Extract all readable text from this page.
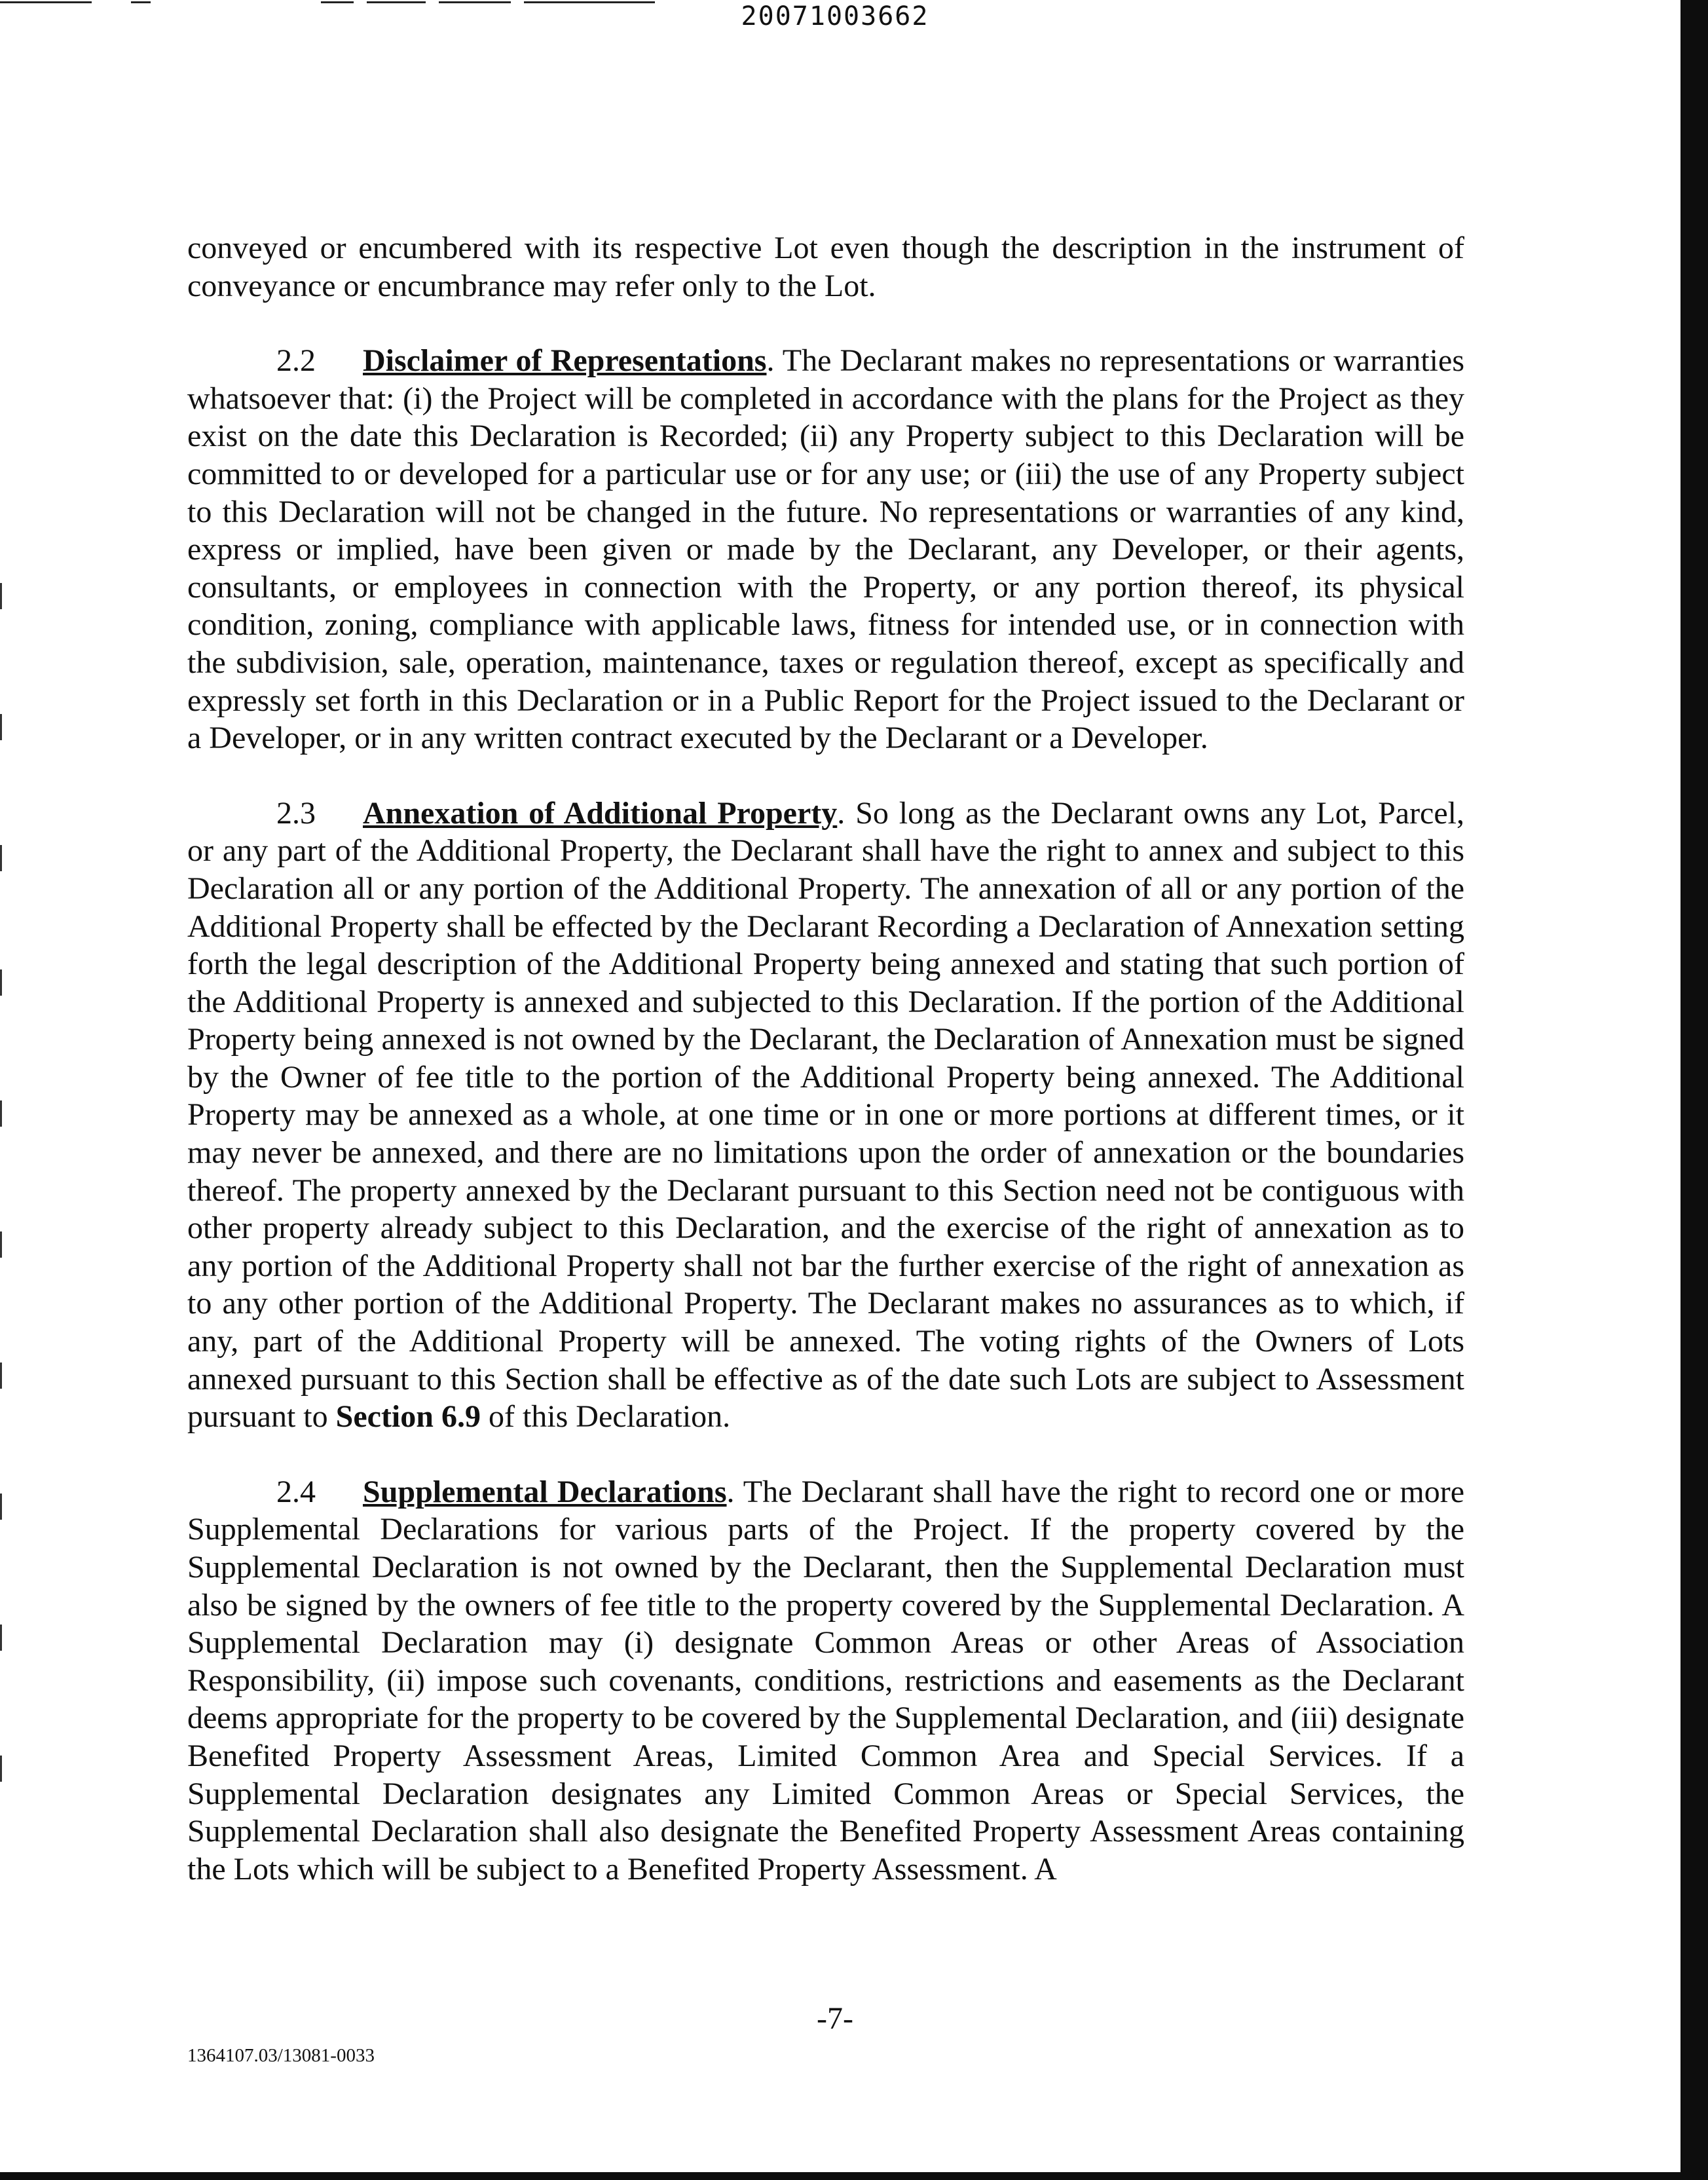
20071003662

conveyed or encumbered with its respective Lot even though the description in the instrument of conveyance or encumbrance may refer only to the Lot.

2.2 Disclaimer of Representations. The Declarant makes no representations or warranties whatsoever that: (i) the Project will be completed in accordance with the plans for the Project as they exist on the date this Declaration is Recorded; (ii) any Property subject to this Declaration will be committed to or developed for a particular use or for any use; or (iii) the use of any Property subject to this Declaration will not be changed in the future. No representations or warranties of any kind, express or implied, have been given or made by the Declarant, any Developer, or their agents, consultants, or employees in connection with the Property, or any portion thereof, its physical condition, zoning, compliance with applicable laws, fitness for intended use, or in connection with the subdivision, sale, operation, maintenance, taxes or regulation thereof, except as specifically and expressly set forth in this Declaration or in a Public Report for the Project issued to the Declarant or a Developer, or in any written contract executed by the Declarant or a Developer.

2.3 Annexation of Additional Property. So long as the Declarant owns any Lot, Parcel, or any part of the Additional Property, the Declarant shall have the right to annex and subject to this Declaration all or any portion of the Additional Property. The annexation of all or any portion of the Additional Property shall be effected by the Declarant Recording a Declaration of Annexation setting forth the legal description of the Additional Property being annexed and stating that such portion of the Additional Property is annexed and subjected to this Declaration. If the portion of the Additional Property being annexed is not owned by the Declarant, the Declaration of Annexation must be signed by the Owner of fee title to the portion of the Additional Property being annexed. The Additional Property may be annexed as a whole, at one time or in one or more portions at different times, or it may never be annexed, and there are no limitations upon the order of annexation or the boundaries thereof. The property annexed by the Declarant pursuant to this Section need not be contiguous with other property already subject to this Declaration, and the exercise of the right of annexation as to any portion of the Additional Property shall not bar the further exercise of the right of annexation as to any other portion of the Additional Property. The Declarant makes no assurances as to which, if any, part of the Additional Property will be annexed. The voting rights of the Owners of Lots annexed pursuant to this Section shall be effective as of the date such Lots are subject to Assessment pursuant to Section 6.9 of this Declaration.

2.4 Supplemental Declarations. The Declarant shall have the right to record one or more Supplemental Declarations for various parts of the Project. If the property covered by the Supplemental Declaration is not owned by the Declarant, then the Supplemental Declaration must also be signed by the owners of fee title to the property covered by the Supplemental Declaration. A Supplemental Declaration may (i) designate Common Areas or other Areas of Association Responsibility, (ii) impose such covenants, conditions, restrictions and easements as the Declarant deems appropriate for the property to be covered by the Supplemental Declaration, and (iii) designate Benefited Property Assessment Areas, Limited Common Area and Special Services. If a Supplemental Declaration designates any Limited Common Areas or Special Services, the Supplemental Declaration shall also designate the Benefited Property Assessment Areas containing the Lots which will be subject to a Benefited Property Assessment. A

-7-
1364107.03/13081-0033
